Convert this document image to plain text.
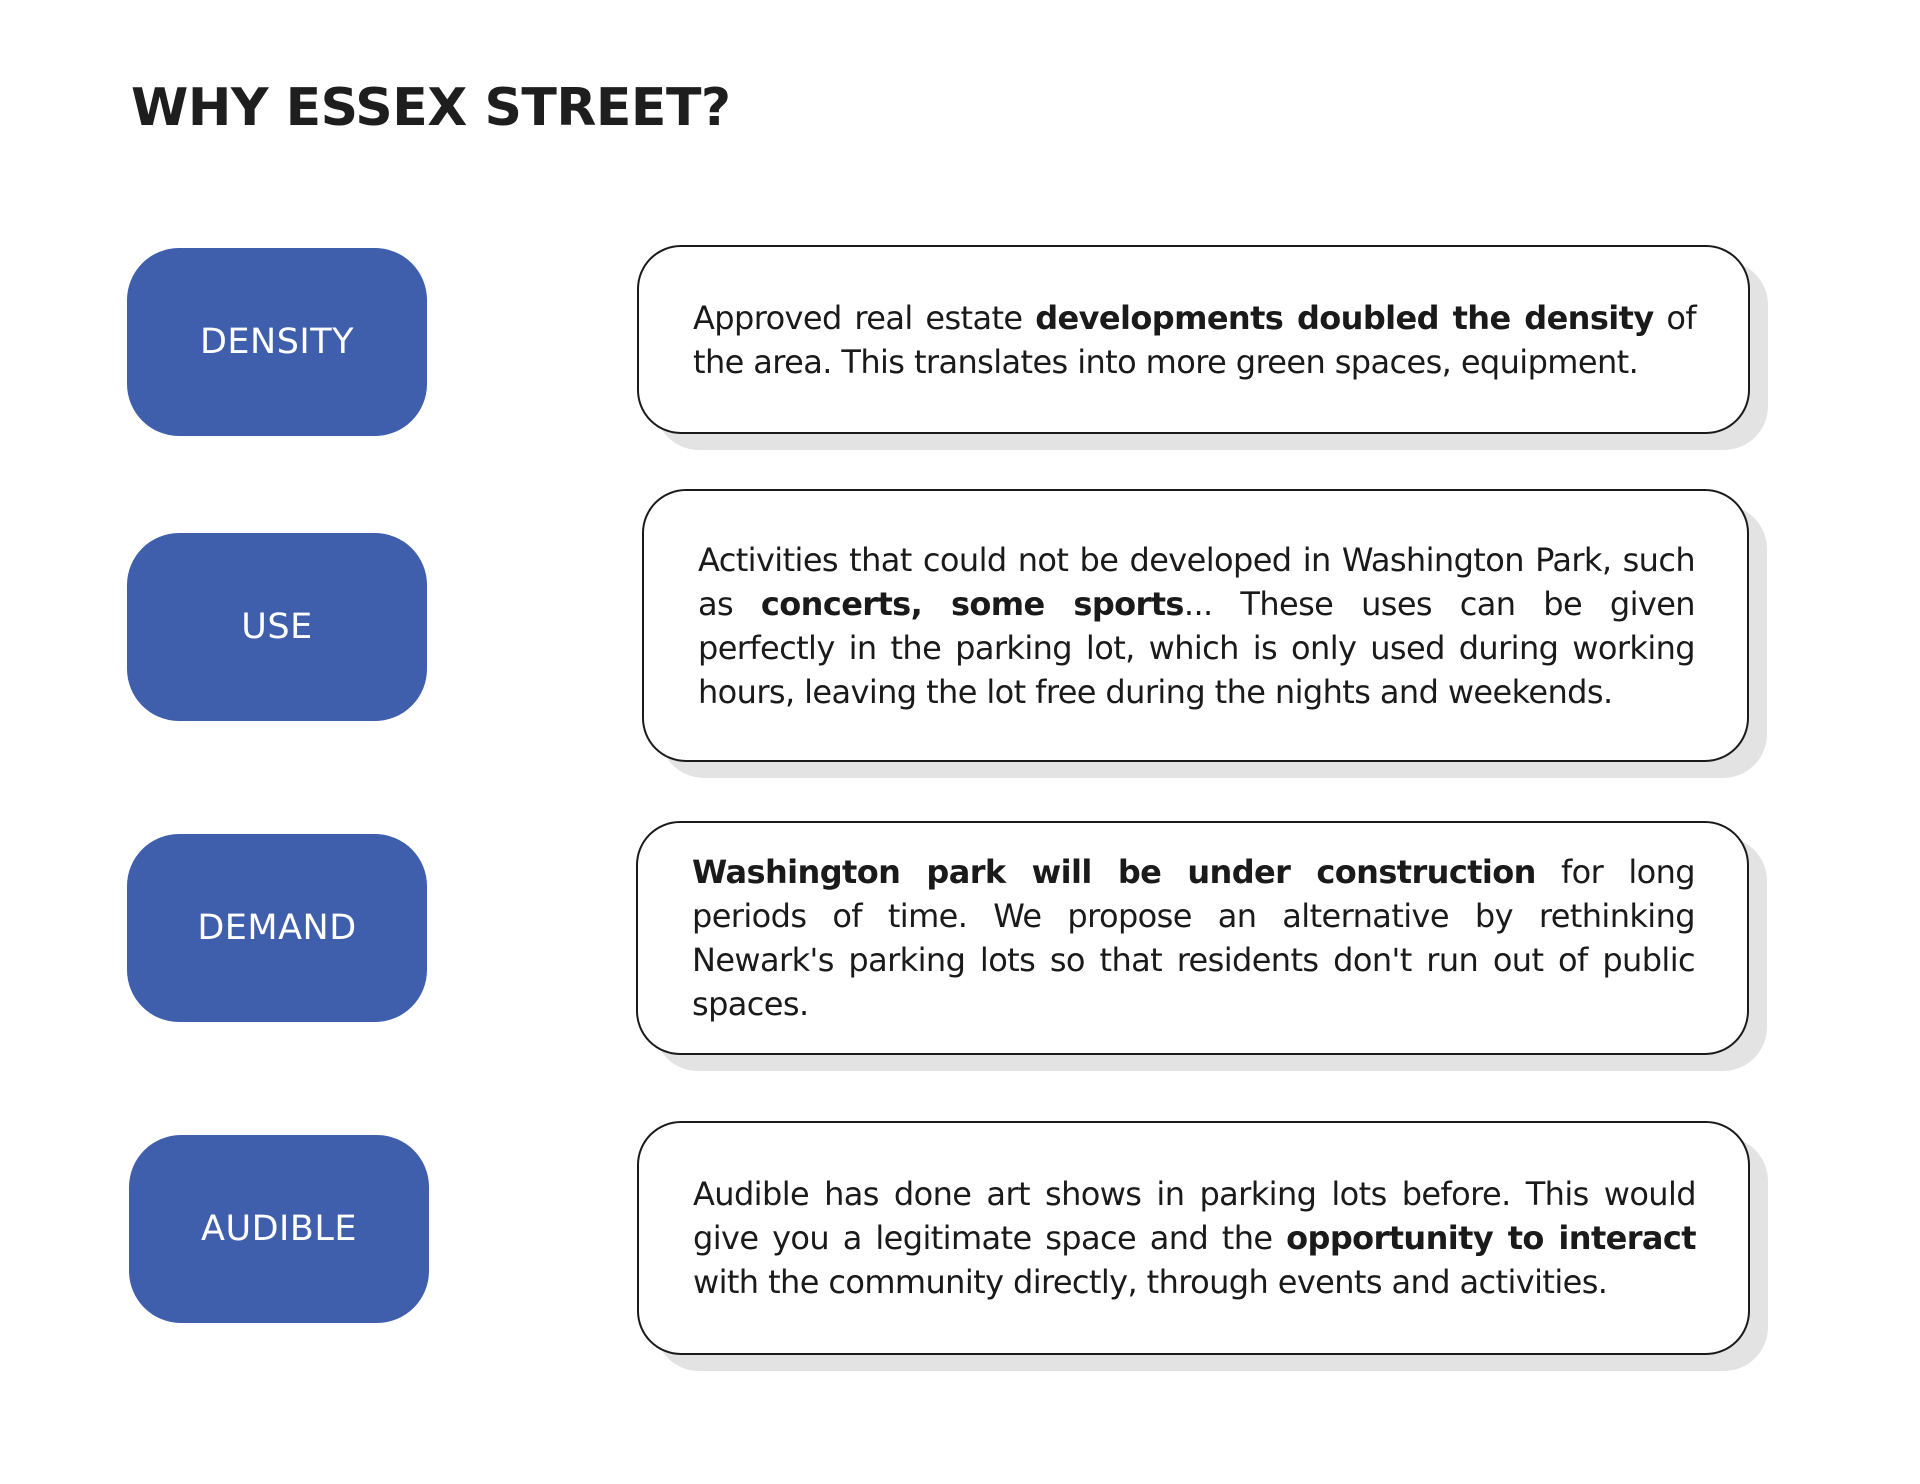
WHY ESSEX STREET?
DENSITY

Approved real estate developments doubled the density of the area. This translates into more green spaces, equipment.

USE

Activities that could not be developed in Washington Park, such as concerts, some sports... These uses can be given perfectly in the parking lot, which is only used during working hours, leaving the lot free during the nights and weekends.

DEMAND

Washington park will be under construction for long periods of time. We propose an alternative by rethinking Newark's parking lots so that residents don't run out of public spaces.

AUDIBLE

Audible has done art shows in parking lots before. This would give you a legitimate space and the opportunity to interact with the community directly, through events and activities.
